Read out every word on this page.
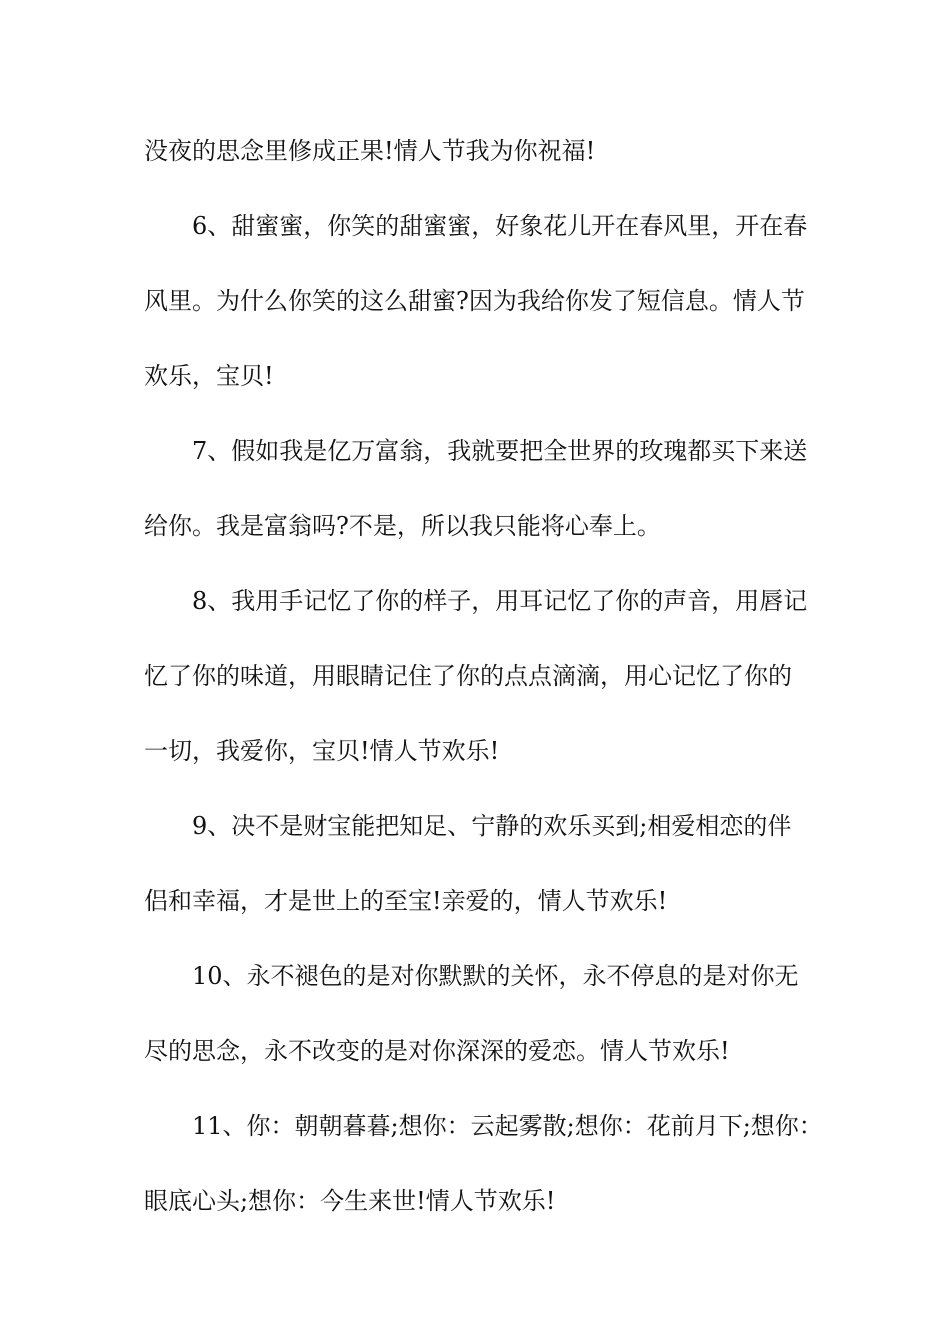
没夜的思念里修成正果!情人节我为你祝福!
6、甜蜜蜜，你笑的甜蜜蜜，好象花儿开在春风里，开在春
风里。为什么你笑的这么甜蜜?因为我给你发了短信息。情人节
欢乐，宝贝!
7、假如我是亿万富翁，我就要把全世界的玫瑰都买下来送
给你。我是富翁吗?不是，所以我只能将心奉上。
8、我用手记忆了你的样子，用耳记忆了你的声音，用唇记
忆了你的味道，用眼睛记住了你的点点滴滴，用心记忆了你的
一切，我爱你，宝贝!情人节欢乐!
9、决不是财宝能把知足、宁静的欢乐买到;相爱相恋的伴
侣和幸福，才是世上的至宝!亲爱的，情人节欢乐!
10、永不褪色的是对你默默的关怀，永不停息的是对你无
尽的思念，永不改变的是对你深深的爱恋。情人节欢乐!
11、你：朝朝暮暮;想你：云起雾散;想你：花前月下;想你：
眼底心头;想你：今生来世!情人节欢乐!
